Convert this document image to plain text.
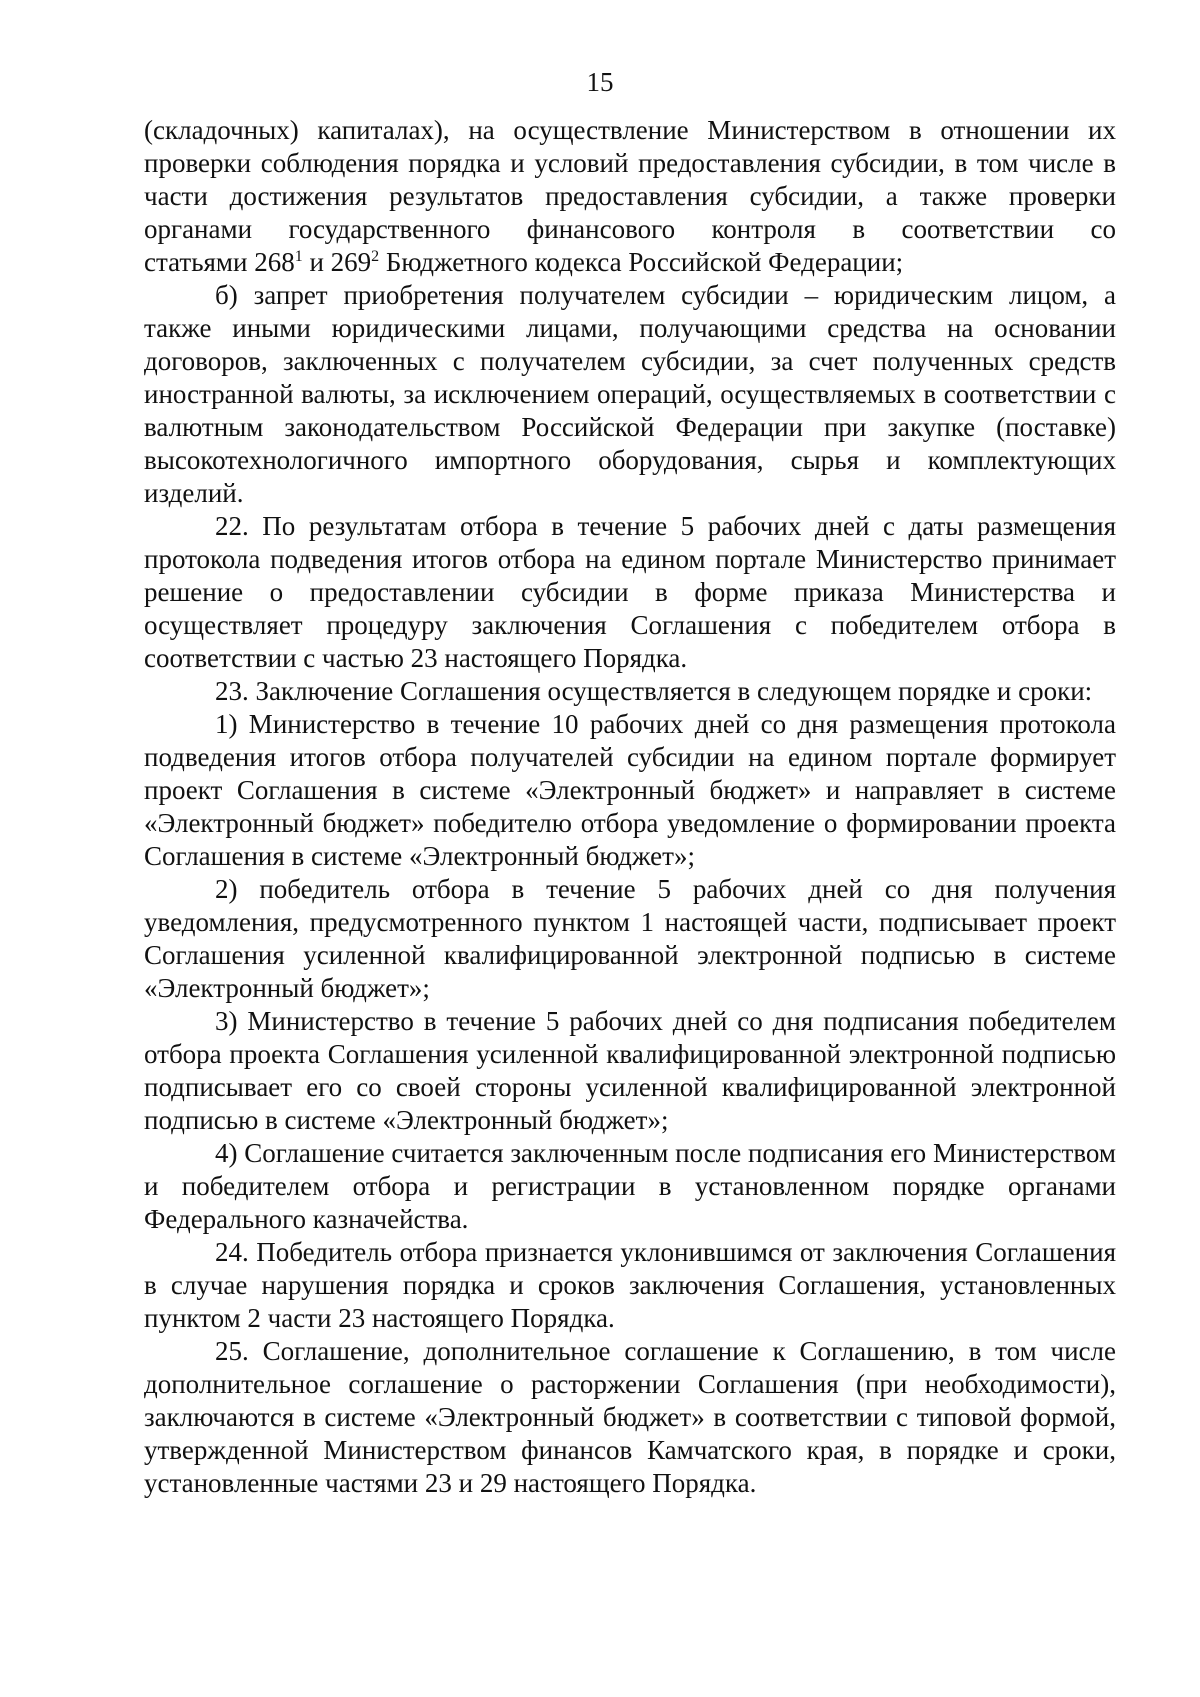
15

(складочных) капиталах), на осуществление Министерством в отношении их проверки соблюдения порядка и условий предоставления субсидии, в том числе в части достижения результатов предоставления субсидии, а также проверки органами государственного финансового контроля в соответствии со

статьями $268^1$ и $269^2$ Бюджетного кодекса Российской Федерации;

б) запрет приобретения получателем субсидии – юридическим лицом, а также иными юридическими лицами, получающими средства на основании договоров, заключенных с получателем субсидии, за счет полученных средств иностранной валюты, за исключением операций, осуществляемых в соответствии с валютным законодательством Российской Федерации при закупке (поставке) высокотехнологичного импортного оборудования, сырья и комплектующих изделий.

22. По результатам отбора в течение 5 рабочих дней с даты размещения протокола подведения итогов отбора на едином портале Министерство принимает решение о предоставлении субсидии в форме приказа Министерства и осуществляет процедуру заключения Соглашения с победителем отбора в соответствии с частью 23 настоящего Порядка.

23. Заключение Соглашения осуществляется в следующем порядке и сроки:

1) Министерство в течение 10 рабочих дней со дня размещения протокола подведения итогов отбора получателей субсидии на едином портале формирует проект Соглашения в системе «Электронный бюджет» и направляет в системе «Электронный бюджет» победителю отбора уведомление о формировании проекта Соглашения в системе «Электронный бюджет»;

2) победитель отбора в течение 5 рабочих дней со дня получения уведомления, предусмотренного пунктом 1 настоящей части, подписывает проект Соглашения усиленной квалифицированной электронной подписью в системе «Электронный бюджет»;

3) Министерство в течение 5 рабочих дней со дня подписания победителем отбора проекта Соглашения усиленной квалифицированной электронной подписью подписывает его со своей стороны усиленной квалифицированной электронной подписью в системе «Электронный бюджет»;

4) Соглашение считается заключенным после подписания его Министерством и победителем отбора и регистрации в установленном порядке органами Федерального казначейства.

24. Победитель отбора признается уклонившимся от заключения Соглашения в случае нарушения порядка и сроков заключения Соглашения, установленных пунктом 2 части 23 настоящего Порядка.

25. Соглашение, дополнительное соглашение к Соглашению, в том числе дополнительное соглашение о расторжении Соглашения (при необходимости), заключаются в системе «Электронный бюджет» в соответствии с типовой формой, утвержденной Министерством финансов Камчатского края, в порядке и сроки, установленные частями 23 и 29 настоящего Порядка.
